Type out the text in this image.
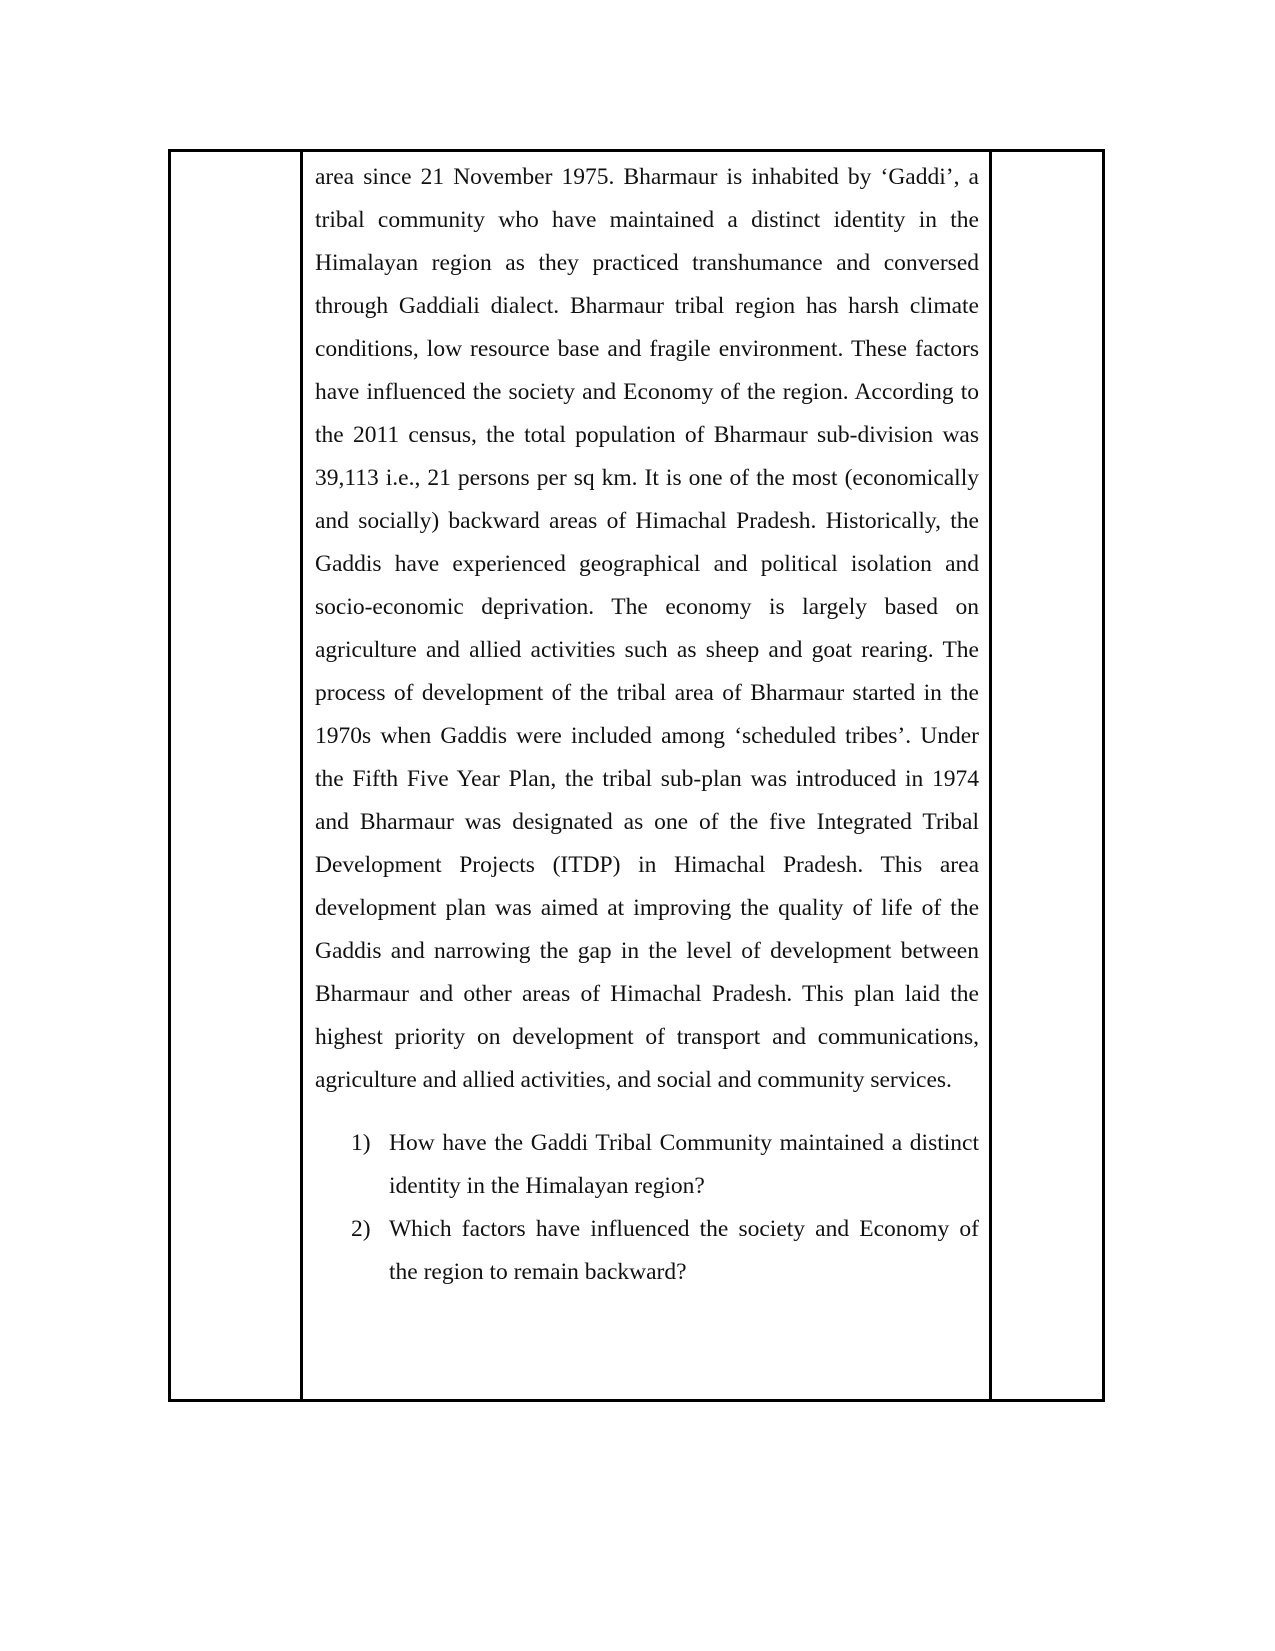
area since 21 November 1975. Bharmaur is inhabited by ‘Gaddi’, a tribal community who have maintained a distinct identity in the Himalayan region as they practiced transhumance and conversed through Gaddiali dialect. Bharmaur tribal region has harsh climate conditions, low resource base and fragile environment. These factors have influenced the society and Economy of the region. According to the 2011 census, the total population of Bharmaur sub-division was 39,113 i.e., 21 persons per sq km. It is one of the most (economically and socially) backward areas of Himachal Pradesh. Historically, the Gaddis have experienced geographical and political isolation and socio-economic deprivation. The economy is largely based on agriculture and allied activities such as sheep and goat rearing. The process of development of the tribal area of Bharmaur started in the 1970s when Gaddis were included among ‘scheduled tribes’. Under the Fifth Five Year Plan, the tribal sub-plan was introduced in 1974 and Bharmaur was designated as one of the five Integrated Tribal Development Projects (ITDP) in Himachal Pradesh. This area development plan was aimed at improving the quality of life of the Gaddis and narrowing the gap in the level of development between Bharmaur and other areas of Himachal Pradesh. This plan laid the highest priority on development of transport and communications, agriculture and allied activities, and social and community services.

1) How have the Gaddi Tribal Community maintained a distinct identity in the Himalayan region?
2) Which factors have influenced the society and Economy of the region to remain backward?
